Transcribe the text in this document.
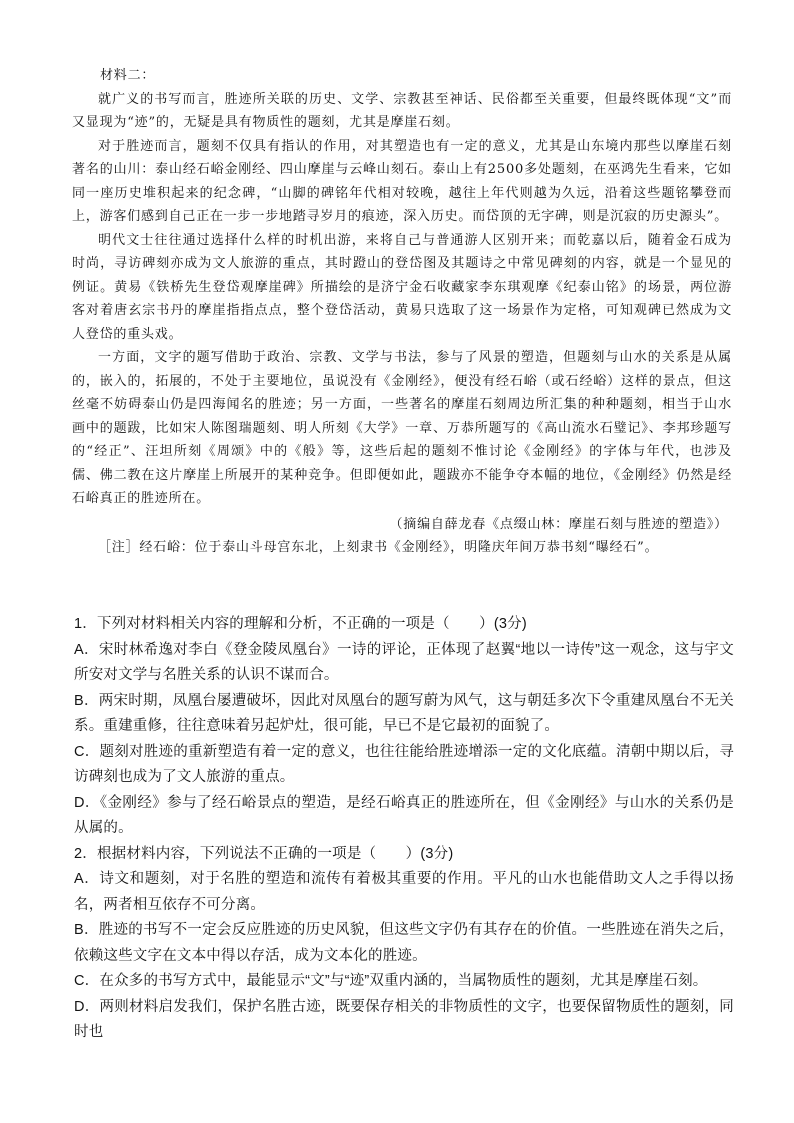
材料二：

就广义的书写而言，胜迹所关联的历史、文学、宗教甚至神话、民俗都至关重要，但最终既体现“文”而又显现为“迹”的，无疑是具有物质性的题刻，尤其是摩崖石刻。

对于胜迹而言，题刻不仅具有指认的作用，对其塑造也有一定的意义，尤其是山东境内那些以摩崖石刻著名的山川：泰山经石峪金刚经、四山摩崖与云峰山刻石。泰山上有2500多处题刻，在巫鸿先生看来，它如同一座历史堆积起来的纪念碑，“山脚的碑铭年代相对较晚，越往上年代则越为久远，沿着这些题铭攀登而上，游客们感到自己正在一步一步地踏寻岁月的痕迹，深入历史。而岱顶的无字碑，则是沉寂的历史源头”。

明代文士往往通过选择什么样的时机出游，来将自己与普通游人区别开来；而乾嘉以后，随着金石成为时尚，寻访碑刻亦成为文人旅游的重点，其时蹬山的登岱图及其题诗之中常见碑刻的内容，就是一个显见的例证。黄易《铁桥先生登岱观摩崖碑》所描绘的是济宁金石收藏家李东琪观摩《纪泰山铭》的场景，两位游客对着唐玄宗书丹的摩崖指指点点，整个登岱活动，黄易只选取了这一场景作为定格，可知观碑已然成为文人登岱的重头戏。

一方面，文字的题写借助于政治、宗教、文学与书法，参与了风景的塑造，但题刻与山水的关系是从属的，嵌入的，拓展的，不处于主要地位，虽说没有《金刚经》，便没有经石峪（或石经峪）这样的景点，但这丝毫不妨碍泰山仍是四海闻名的胜迹；另一方面，一些著名的摩崖石刻周边所汇集的种种题刻，相当于山水画中的题跋，比如宋人陈图瑞题刻、明人所刻《大学》一章、万恭所题写的《高山流水石璧记》、李邦珍题写的“经正”、汪坦所刻《周颂》中的《般》等，这些后起的题刻不惟讨论《金刚经》的字体与年代，也涉及儒、佛二教在这片摩崖上所展开的某种竞争。但即便如此，题跋亦不能争夺本幅的地位，《金刚经》仍然是经石峪真正的胜迹所在。

（摘编自薛龙春《点缀山林：摩崖石刻与胜迹的塑造》）

［注］经石峪：位于泰山斗母宫东北，上刻隶书《金刚经》，明隆庆年间万恭书刻“曝经石”。

1．下列对材料相关内容的理解和分析，不正确的一项是（　　）(3分)

A．宋时林希逸对李白《登金陵凤凰台》一诗的评论，正体现了赵翼“地以一诗传”这一观念，这与宇文所安对文学与名胜关系的认识不谋而合。

B．两宋时期，凤凰台屡遭破坏，因此对凤凰台的题写蔚为风气，这与朝廷多次下令重建凤凰台不无关系。重建重修，往往意味着另起炉灶，很可能，早已不是它最初的面貌了。

C．题刻对胜迹的重新塑造有着一定的意义，也往往能给胜迹增添一定的文化底蕴。清朝中期以后，寻访碑刻也成为了文人旅游的重点。

D．《金刚经》参与了经石峪景点的塑造，是经石峪真正的胜迹所在，但《金刚经》与山水的关系仍是从属的。

2．根据材料内容，下列说法不正确的一项是（　　）(3分)

A．诗文和题刻，对于名胜的塑造和流传有着极其重要的作用。平凡的山水也能借助文人之手得以扬名，两者相互依存不可分离。

B．胜迹的书写不一定会反应胜迹的历史风貌，但这些文字仍有其存在的价值。一些胜迹在消失之后，依赖这些文字在文本中得以存活，成为文本化的胜迹。

C．在众多的书写方式中，最能显示“文”与“迹”双重内涵的，当属物质性的题刻，尤其是摩崖石刻。

D．两则材料启发我们，保护名胜古迹，既要保存相关的非物质性的文字，也要保留物质性的题刻，同时也
